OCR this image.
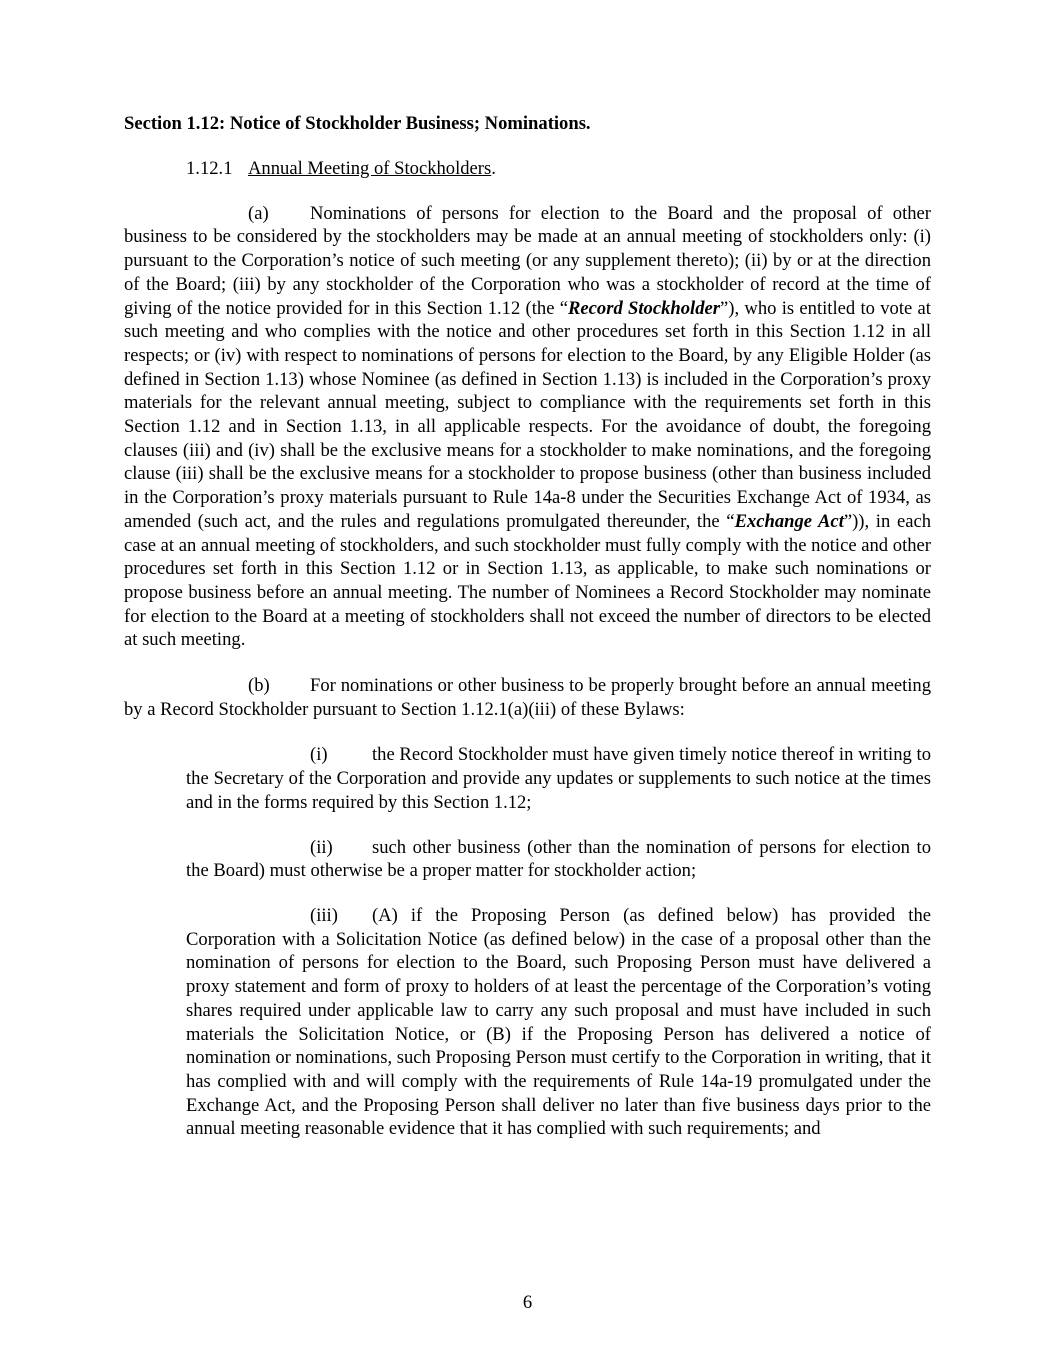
Section 1.12: Notice of Stockholder Business; Nominations.

1.12.1 Annual Meeting of Stockholders.

(a) Nominations of persons for election to the Board and the proposal of other business to be considered by the stockholders may be made at an annual meeting of stockholders only: (i) pursuant to the Corporation’s notice of such meeting (or any supplement thereto); (ii) by or at the direction of the Board; (iii) by any stockholder of the Corporation who was a stockholder of record at the time of giving of the notice provided for in this Section 1.12 (the “Record Stockholder”), who is entitled to vote at such meeting and who complies with the notice and other procedures set forth in this Section 1.12 in all respects; or (iv) with respect to nominations of persons for election to the Board, by any Eligible Holder (as defined in Section 1.13) whose Nominee (as defined in Section 1.13) is included in the Corporation’s proxy materials for the relevant annual meeting, subject to compliance with the requirements set forth in this Section 1.12 and in Section 1.13, in all applicable respects. For the avoidance of doubt, the foregoing clauses (iii) and (iv) shall be the exclusive means for a stockholder to make nominations, and the foregoing clause (iii) shall be the exclusive means for a stockholder to propose business (other than business included in the Corporation’s proxy materials pursuant to Rule 14a-8 under the Securities Exchange Act of 1934, as amended (such act, and the rules and regulations promulgated thereunder, the “Exchange Act”)), in each case at an annual meeting of stockholders, and such stockholder must fully comply with the notice and other procedures set forth in this Section 1.12 or in Section 1.13, as applicable, to make such nominations or propose business before an annual meeting. The number of Nominees a Record Stockholder may nominate for election to the Board at a meeting of stockholders shall not exceed the number of directors to be elected at such meeting.

(b) For nominations or other business to be properly brought before an annual meeting by a Record Stockholder pursuant to Section 1.12.1(a)(iii) of these Bylaws:

(i) the Record Stockholder must have given timely notice thereof in writing to the Secretary of the Corporation and provide any updates or supplements to such notice at the times and in the forms required by this Section 1.12;

(ii) such other business (other than the nomination of persons for election to the Board) must otherwise be a proper matter for stockholder action;

(iii) (A) if the Proposing Person (as defined below) has provided the Corporation with a Solicitation Notice (as defined below) in the case of a proposal other than the nomination of persons for election to the Board, such Proposing Person must have delivered a proxy statement and form of proxy to holders of at least the percentage of the Corporation’s voting shares required under applicable law to carry any such proposal and must have included in such materials the Solicitation Notice, or (B) if the Proposing Person has delivered a notice of nomination or nominations, such Proposing Person must certify to the Corporation in writing, that it has complied with and will comply with the requirements of Rule 14a-19 promulgated under the Exchange Act, and the Proposing Person shall deliver no later than five business days prior to the annual meeting reasonable evidence that it has complied with such requirements; and

6
